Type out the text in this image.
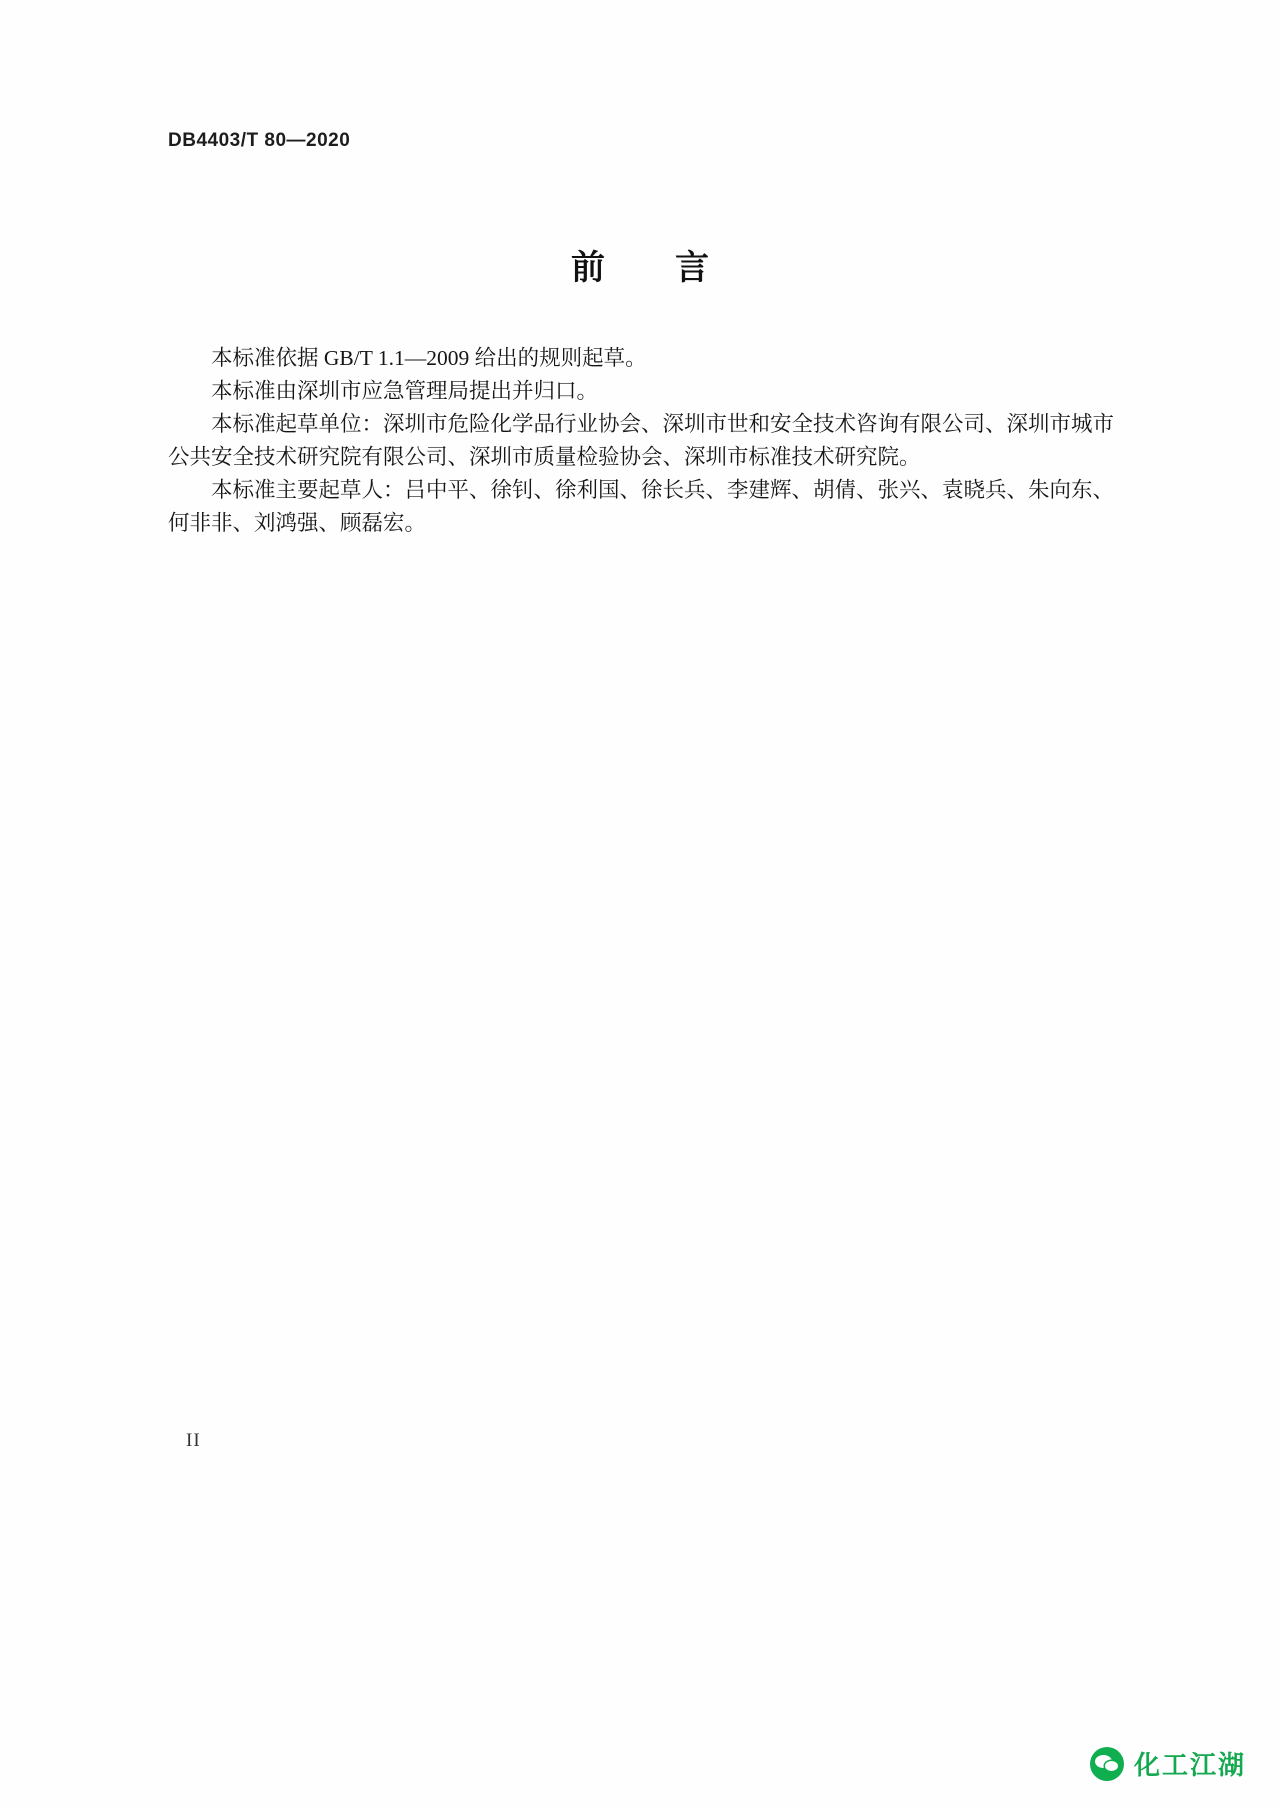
DB4403/T 80—2020
前　言

本标准依据 GB/T 1.1—2009 给出的规则起草。

本标准由深圳市应急管理局提出并归口。

本标准起草单位：深圳市危险化学品行业协会、深圳市世和安全技术咨询有限公司、深圳市城市公共安全技术研究院有限公司、深圳市质量检验协会、深圳市标准技术研究院。

本标准主要起草人：吕中平、徐钊、徐利国、徐长兵、李建辉、胡倩、张兴、袁晓兵、朱向东、何非非、刘鸿强、顾磊宏。

II
化工江湖
